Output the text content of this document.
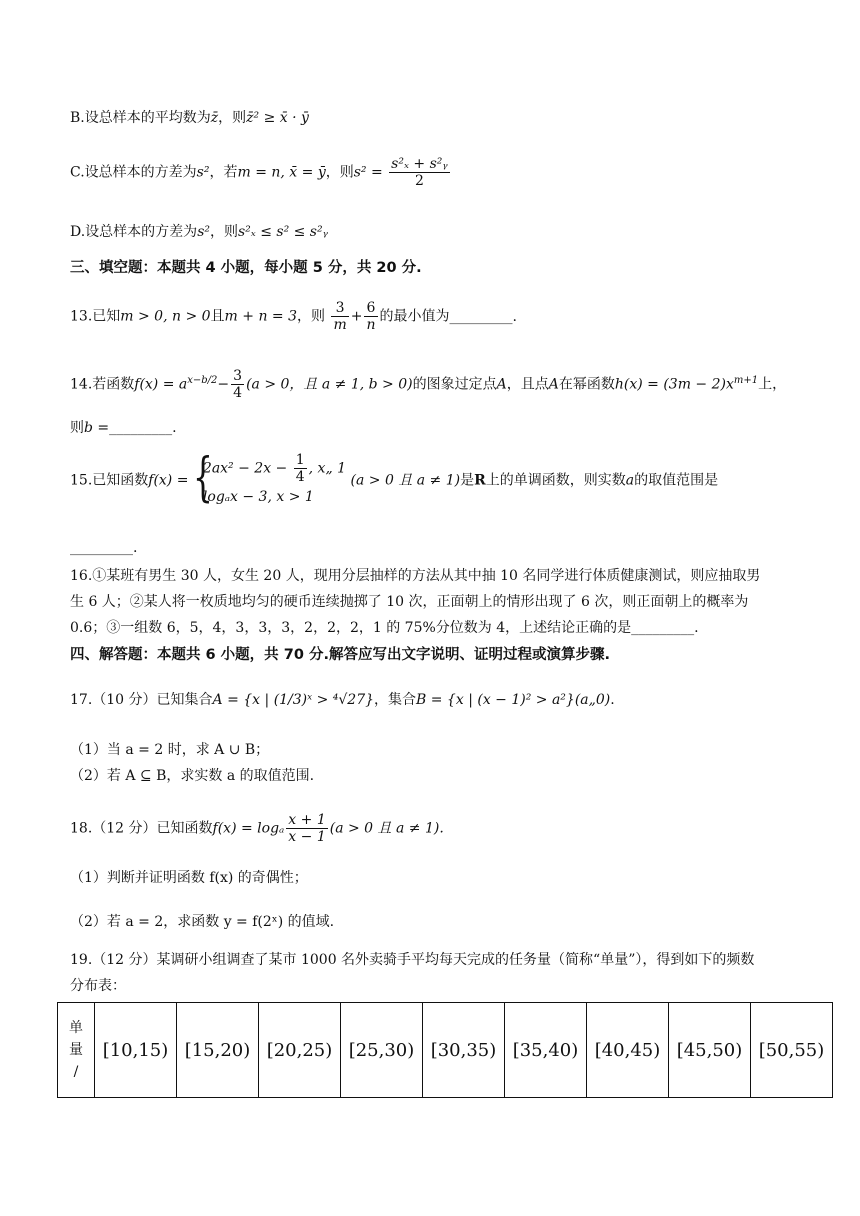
B.设总样本的平均数为z̄，则z̄² ≥ x̄ · ȳ
C.设总样本的方差为s²，若m = n, x̄ = ȳ，则$s^2 = \frac{\text{s²ₓ + s²ᵧ}}{2}$
D.设总样本的方差为s²，则s²ₓ ≤ s² ≤ s²ᵧ
三、填空题：本题共 4 小题，每小题 5 分，共 20 分.
13.已知m > 0, n > 0且m + n = 3，则 $\frac{3}{m} + \frac{6}{n}$ 的最小值为_________.
14.若函数$f(x) = a^{x-b/2}- \frac{3}{4} (a > 0$，且 a ≠ 1, b > 0)的图象过定点A，且点A在幂函数$h(x) = (3m - 2)x^{m+1}$上，
则b =_________.
15.已知函数f(x) = {
$2ax^2 - 2x - \frac{1}{4}$ , x„ 1
logₐx − 3, x > 1
(a > 0 且 a ≠ 1)是R上的单调函数，则实数a的取值范围是
_________.
16.①某班有男生 30 人，女生 20 人，现用分层抽样的方法从其中抽 10 名同学进行体质健康测试，则应抽取男
生 6 人；②某人将一枚质地均匀的硬币连续抛掷了 10 次，正面朝上的情形出现了 6 次，则正面朝上的概率为
0.6；③一组数 6，5，4，3，3，3，2，2，2，1 的 75%分位数为 4，上述结论正确的是_________.
四、解答题：本题共 6 小题，共 70 分.解答应写出文字说明、证明过程或演算步骤.
17.（10 分）已知集合A = {x | (1/3)ˣ > ⁴√27}，集合B = {x | (x − 1)² > a²}(a„0).
（1）当 a = 2 时，求 A ∪ B；
（2）若 A ⊆ B，求实数 a 的取值范围.
18.（12 分）已知函数f(x) = logₐ $\frac{x + 1}{x - 1} (a > 0$ 且 a ≠ 1).
（1）判断并证明函数 f(x) 的奇偶性；
（2）若 a = 2，求函数 y = f(2ˣ) 的值域.
19.（12 分）某调研小组调查了某市 1000 名外卖骑手平均每天完成的任务量（简称“单量”），得到如下的频数
分布表：
单
量
/
	[10,15)	[15,20)	[20,25)	[25,30)	[30,35)	[35,40)	[40,45)	[45,50)	[50,55)
